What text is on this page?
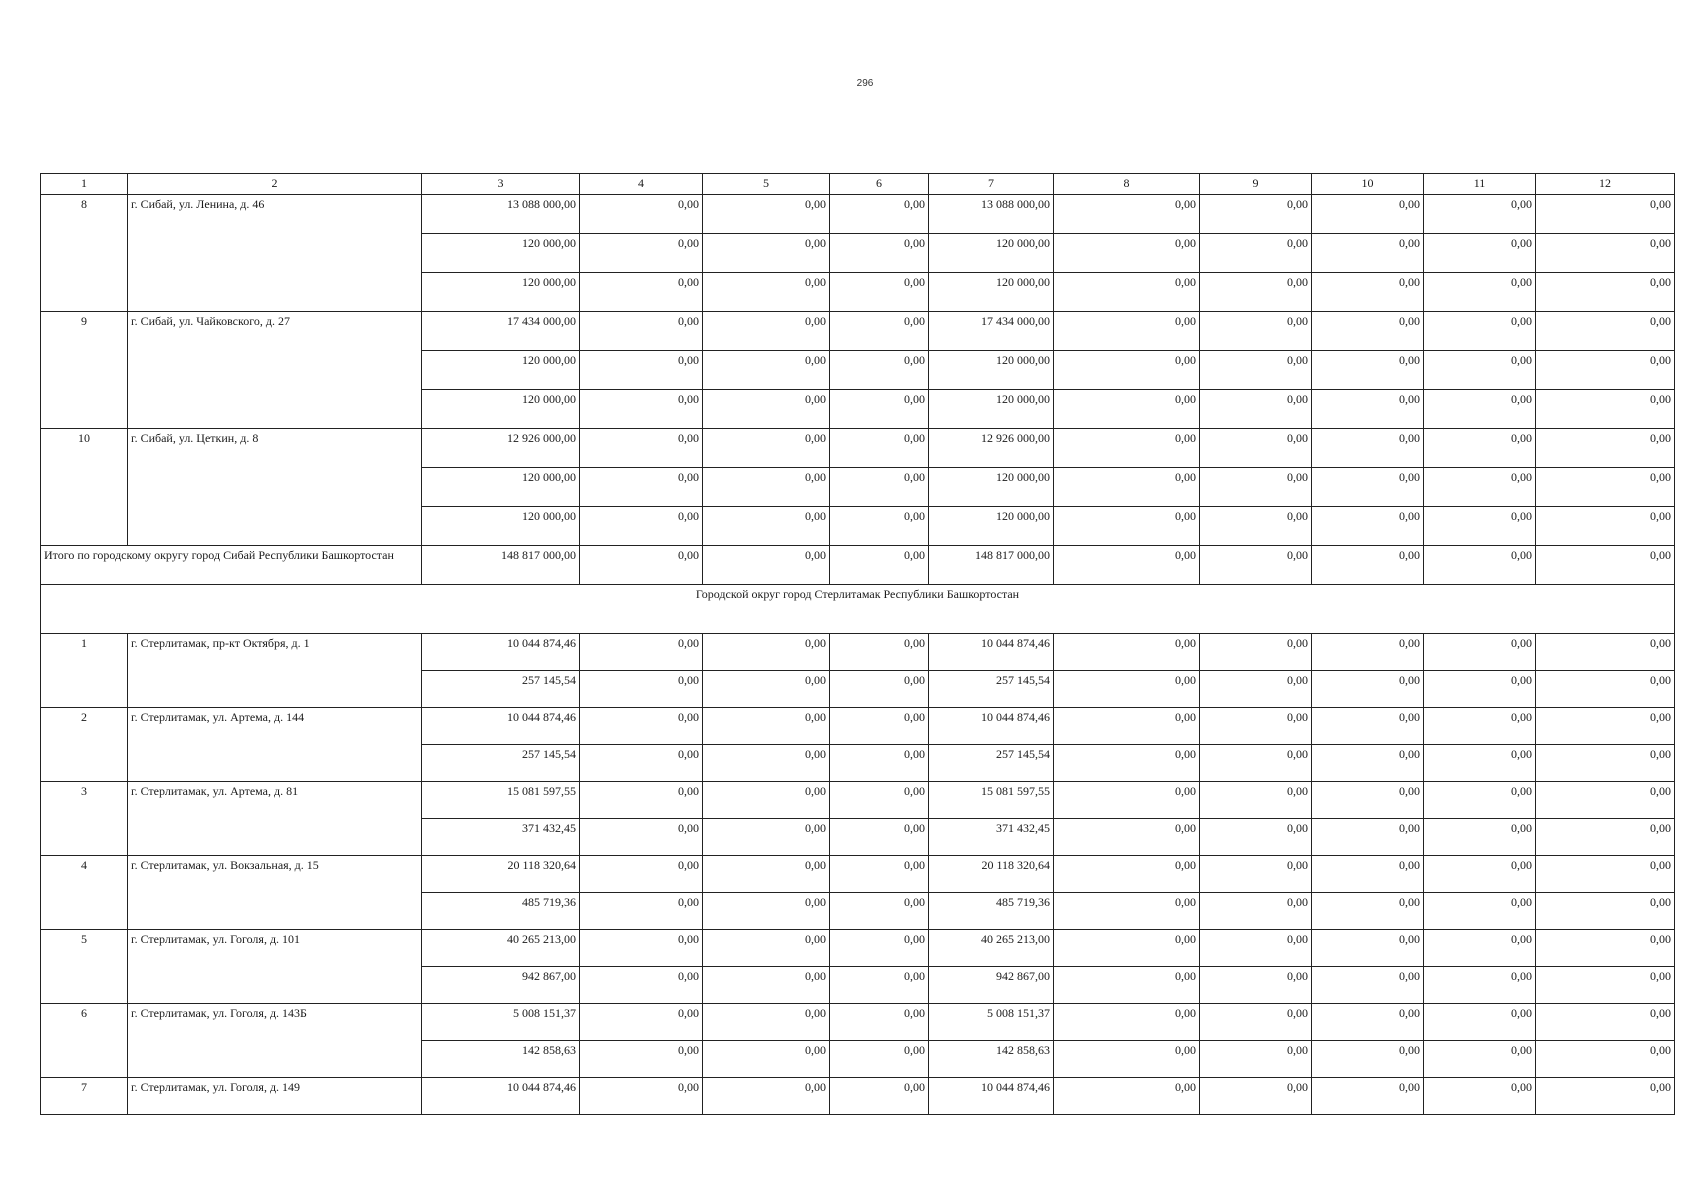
296
1	2	3	4	5	6	7	8	9	10	11	12
8	г. Сибай, ул. Ленина, д. 46	13 088 000,00	0,00	0,00	0,00	13 088 000,00	0,00	0,00	0,00	0,00	0,00
		120 000,00	0,00	0,00	0,00	120 000,00	0,00	0,00	0,00	0,00	0,00
		120 000,00	0,00	0,00	0,00	120 000,00	0,00	0,00	0,00	0,00	0,00
9	г. Сибай, ул. Чайковского, д. 27	17 434 000,00	0,00	0,00	0,00	17 434 000,00	0,00	0,00	0,00	0,00	0,00
		120 000,00	0,00	0,00	0,00	120 000,00	0,00	0,00	0,00	0,00	0,00
		120 000,00	0,00	0,00	0,00	120 000,00	0,00	0,00	0,00	0,00	0,00
10	г. Сибай, ул. Цеткин, д. 8	12 926 000,00	0,00	0,00	0,00	12 926 000,00	0,00	0,00	0,00	0,00	0,00
		120 000,00	0,00	0,00	0,00	120 000,00	0,00	0,00	0,00	0,00	0,00
		120 000,00	0,00	0,00	0,00	120 000,00	0,00	0,00	0,00	0,00	0,00
Итого по городскому округу город Сибай Республики Башкортостан		148 817 000,00	0,00	0,00	0,00	148 817 000,00	0,00	0,00	0,00	0,00	0,00
Городской округ город Стерлитамак Республики Башкортостан											
1	г. Стерлитамак, пр-кт Октября, д. 1	10 044 874,46	0,00	0,00	0,00	10 044 874,46	0,00	0,00	0,00	0,00	0,00
		257 145,54	0,00	0,00	0,00	257 145,54	0,00	0,00	0,00	0,00	0,00
2	г. Стерлитамак, ул. Артема, д. 144	10 044 874,46	0,00	0,00	0,00	10 044 874,46	0,00	0,00	0,00	0,00	0,00
		257 145,54	0,00	0,00	0,00	257 145,54	0,00	0,00	0,00	0,00	0,00
3	г. Стерлитамак, ул. Артема, д. 81	15 081 597,55	0,00	0,00	0,00	15 081 597,55	0,00	0,00	0,00	0,00	0,00
		371 432,45	0,00	0,00	0,00	371 432,45	0,00	0,00	0,00	0,00	0,00
4	г. Стерлитамак, ул. Вокзальная, д. 15	20 118 320,64	0,00	0,00	0,00	20 118 320,64	0,00	0,00	0,00	0,00	0,00
		485 719,36	0,00	0,00	0,00	485 719,36	0,00	0,00	0,00	0,00	0,00
5	г. Стерлитамак, ул. Гоголя, д. 101	40 265 213,00	0,00	0,00	0,00	40 265 213,00	0,00	0,00	0,00	0,00	0,00
		942 867,00	0,00	0,00	0,00	942 867,00	0,00	0,00	0,00	0,00	0,00
6	г. Стерлитамак, ул. Гоголя, д. 143Б	5 008 151,37	0,00	0,00	0,00	5 008 151,37	0,00	0,00	0,00	0,00	0,00
		142 858,63	0,00	0,00	0,00	142 858,63	0,00	0,00	0,00	0,00	0,00
7	г. Стерлитамак, ул. Гоголя, д. 149	10 044 874,46	0,00	0,00	0,00	10 044 874,46	0,00	0,00	0,00	0,00	0,00
